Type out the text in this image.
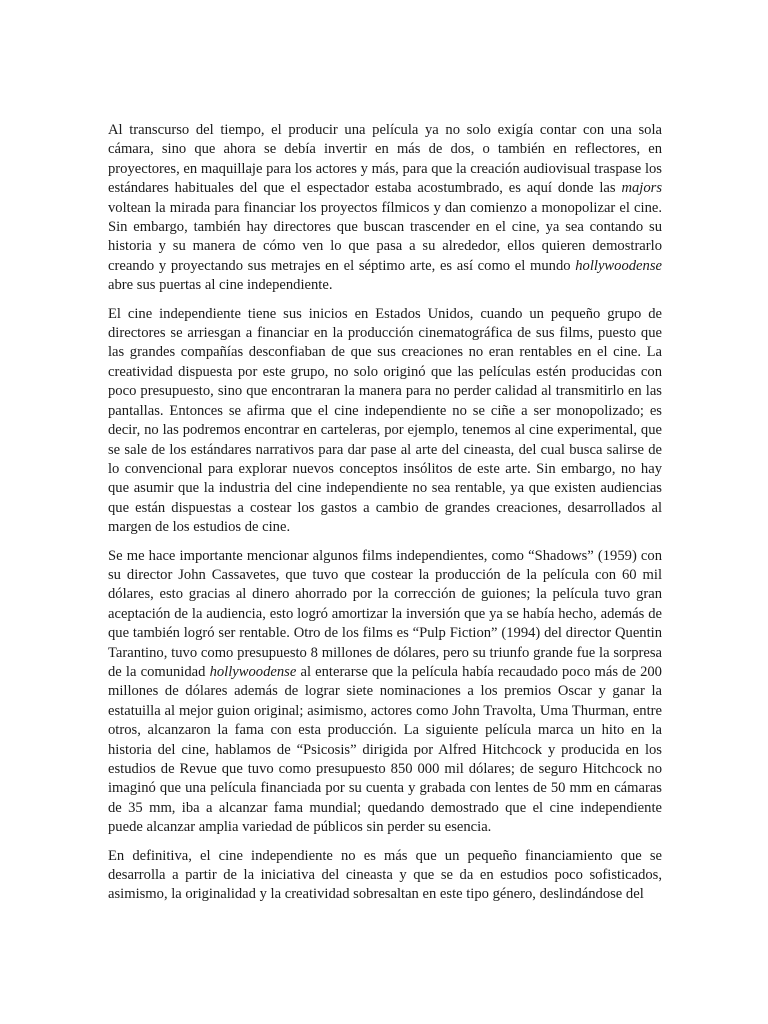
Al transcurso del tiempo, el producir una película ya no solo exigía contar con una sola cámara, sino que ahora se debía invertir en más de dos, o también en reflectores, en proyectores, en maquillaje para los actores y más, para que la creación audiovisual traspase los estándares habituales del que el espectador estaba acostumbrado, es aquí donde las majors voltean la mirada para financiar los proyectos fílmicos y dan comienzo a monopolizar el cine. Sin embargo, también hay directores que buscan trascender en el cine, ya sea contando su historia y su manera de cómo ven lo que pasa a su alrededor, ellos quieren demostrarlo creando y proyectando sus metrajes en el séptimo arte, es así como el mundo hollywoodense abre sus puertas al cine independiente.

El cine independiente tiene sus inicios en Estados Unidos, cuando un pequeño grupo de directores se arriesgan a financiar en la producción cinematográfica de sus films, puesto que las grandes compañías desconfiaban de que sus creaciones no eran rentables en el cine. La creatividad dispuesta por este grupo, no solo originó que las películas estén producidas con poco presupuesto, sino que encontraran la manera para no perder calidad al transmitirlo en las pantallas. Entonces se afirma que el cine independiente no se ciñe a ser monopolizado; es decir, no las podremos encontrar en carteleras, por ejemplo, tenemos al cine experimental, que se sale de los estándares narrativos para dar pase al arte del cineasta, del cual busca salirse de lo convencional para explorar nuevos conceptos insólitos de este arte. Sin embargo, no hay que asumir que la industria del cine independiente no sea rentable, ya que existen audiencias que están dispuestas a costear los gastos a cambio de grandes creaciones, desarrollados al margen de los estudios de cine.

Se me hace importante mencionar algunos films independientes, como “Shadows” (1959) con su director John Cassavetes, que tuvo que costear la producción de la película con 60 mil dólares, esto gracias al dinero ahorrado por la corrección de guiones; la película tuvo gran aceptación de la audiencia, esto logró amortizar la inversión que ya se había hecho, además de que también logró ser rentable. Otro de los films es “Pulp Fiction” (1994) del director Quentin Tarantino, tuvo como presupuesto 8 millones de dólares, pero su triunfo grande fue la sorpresa de la comunidad hollywoodense al enterarse que la película había recaudado poco más de 200 millones de dólares además de lograr siete nominaciones a los premios Oscar y ganar la estatuilla al mejor guion original; asimismo, actores como John Travolta, Uma Thurman, entre otros, alcanzaron la fama con esta producción. La siguiente película marca un hito en la historia del cine, hablamos de “Psicosis” dirigida por Alfred Hitchcock y producida en los estudios de Revue que tuvo como presupuesto 850 000 mil dólares; de seguro Hitchcock no imaginó que una película financiada por su cuenta y grabada con lentes de 50 mm en cámaras de 35 mm, iba a alcanzar fama mundial; quedando demostrado que el cine independiente puede alcanzar amplia variedad de públicos sin perder su esencia.

En definitiva, el cine independiente no es más que un pequeño financiamiento que se desarrolla a partir de la iniciativa del cineasta y que se da en estudios poco sofisticados, asimismo, la originalidad y la creatividad sobresaltan en este tipo género, deslindándose del
